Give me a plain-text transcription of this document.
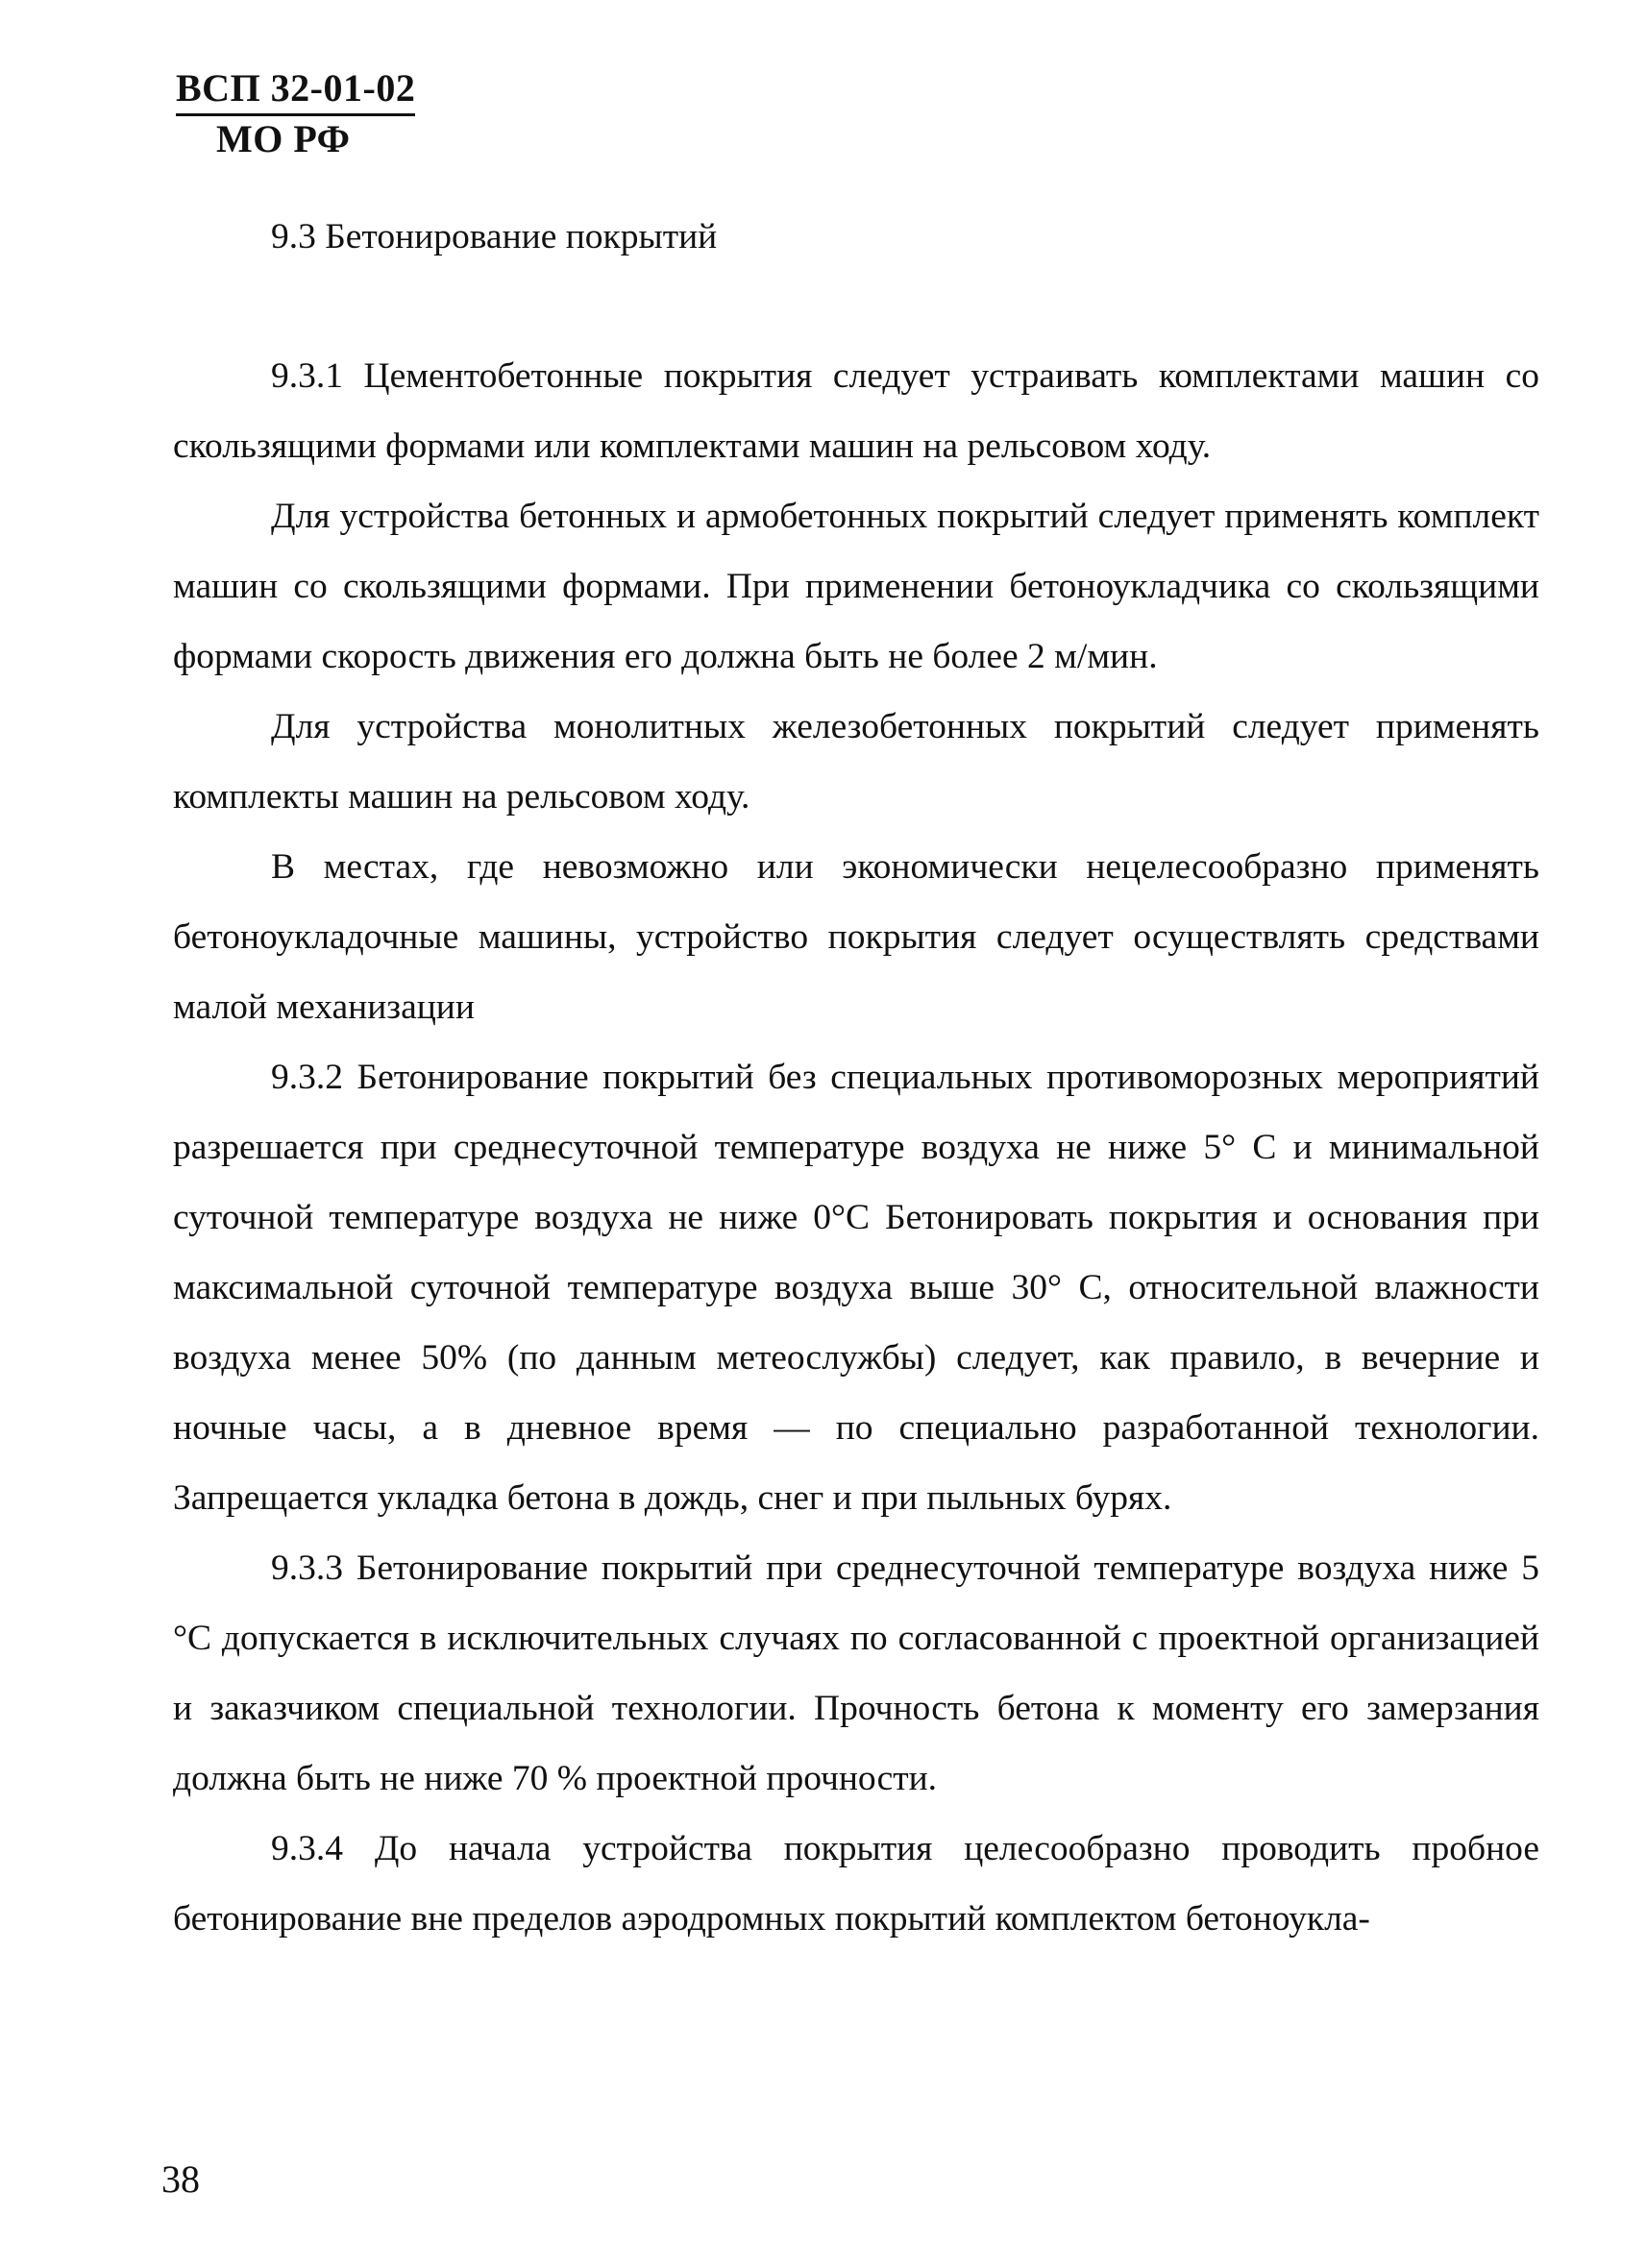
ВСП 32-01-02
МО РФ

9.3 Бетонирование покрытий

9.3.1 Цементобетонные покрытия следует устраивать комплектами машин со скользящими формами или комплектами машин на рельсовом ходу.

Для устройства бетонных и армобетонных покрытий следует применять комплект машин со скользящими формами. При применении бетоноукладчика со скользящими формами скорость движения его должна быть не более 2 м/мин.

Для устройства монолитных железобетонных покрытий следует применять комплекты машин на рельсовом ходу.

В местах, где невозможно или экономически нецелесообразно применять бетоноукладочные машины, устройство покрытия следует осуществлять средствами малой механизации

9.3.2 Бетонирование покрытий без специальных противоморозных мероприятий разрешается при среднесуточной температуре воздуха не ниже 5° С и минимальной суточной температуре воздуха не ниже 0°С Бетонировать покрытия и основания при максимальной суточной температуре воздуха выше 30° С, относительной влажности воздуха менее 50% (по данным метеослужбы) следует, как правило, в вечерние и ночные часы, а в дневное время — по специально разработанной технологии. Запрещается укладка бетона в дождь, снег и при пыльных бурях.

9.3.3 Бетонирование покрытий при среднесуточной температуре воздуха ниже 5 °С допускается в исключительных случаях по согласованной с проектной организацией и заказчиком специальной технологии. Прочность бетона к моменту его замерзания должна быть не ниже 70 % проектной прочности.

9.3.4 До начала устройства покрытия целесообразно проводить пробное бетонирование вне пределов аэродромных покрытий комплектом бетоноукла-

38
